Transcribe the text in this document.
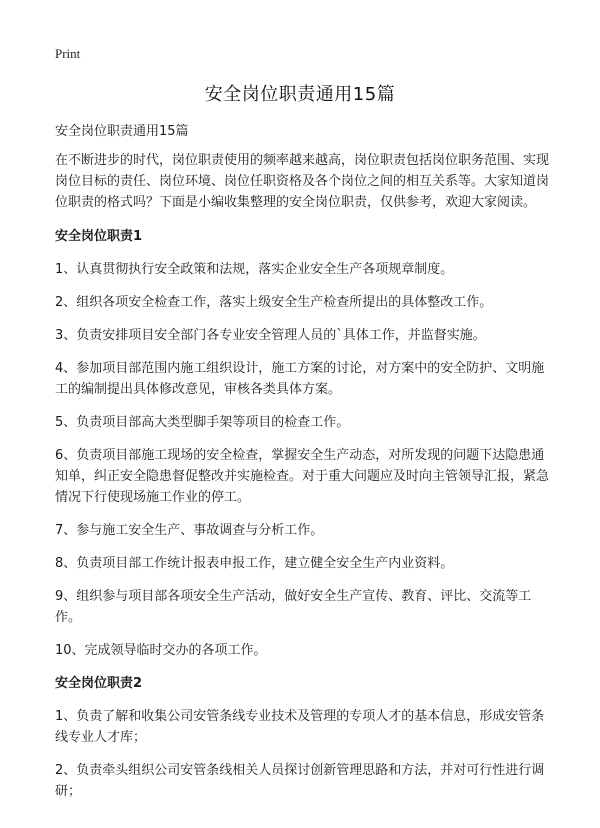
Print
安全岗位职责通用15篇

安全岗位职责通用15篇

在不断进步的时代，岗位职责使用的频率越来越高，岗位职责包括岗位职务范围、实现岗位目标的责任、岗位环境、岗位任职资格及各个岗位之间的相互关系等。大家知道岗位职责的格式吗？下面是小编收集整理的安全岗位职责，仅供参考，欢迎大家阅读。

安全岗位职责1

1、认真贯彻执行安全政策和法规，落实企业安全生产各项规章制度。

2、组织各项安全检查工作，落实上级安全生产检查所提出的具体整改工作。

3、负责安排项目安全部门各专业安全管理人员的`具体工作，并监督实施。

4、参加项目部范围内施工组织设计，施工方案的讨论，对方案中的安全防护、文明施工的编制提出具体修改意见，审核各类具体方案。

5、负责项目部高大类型脚手架等项目的检查工作。

6、负责项目部施工现场的安全检查，掌握安全生产动态，对所发现的问题下达隐患通知单，纠正安全隐患督促整改并实施检查。对于重大问题应及时向主管领导汇报，紧急情况下行使现场施工作业的停工。

7、参与施工安全生产、事故调查与分析工作。

8、负责项目部工作统计报表申报工作，建立健全安全生产内业资料。

9、组织参与项目部各项安全生产活动，做好安全生产宣传、教育、评比、交流等工作。

10、完成领导临时交办的各项工作。

安全岗位职责2

1、负责了解和收集公司安管条线专业技术及管理的专项人才的基本信息，形成安管条线专业人才库；

2、负责牵头组织公司安管条线相关人员探讨创新管理思路和方法，并对可行性进行调研；
